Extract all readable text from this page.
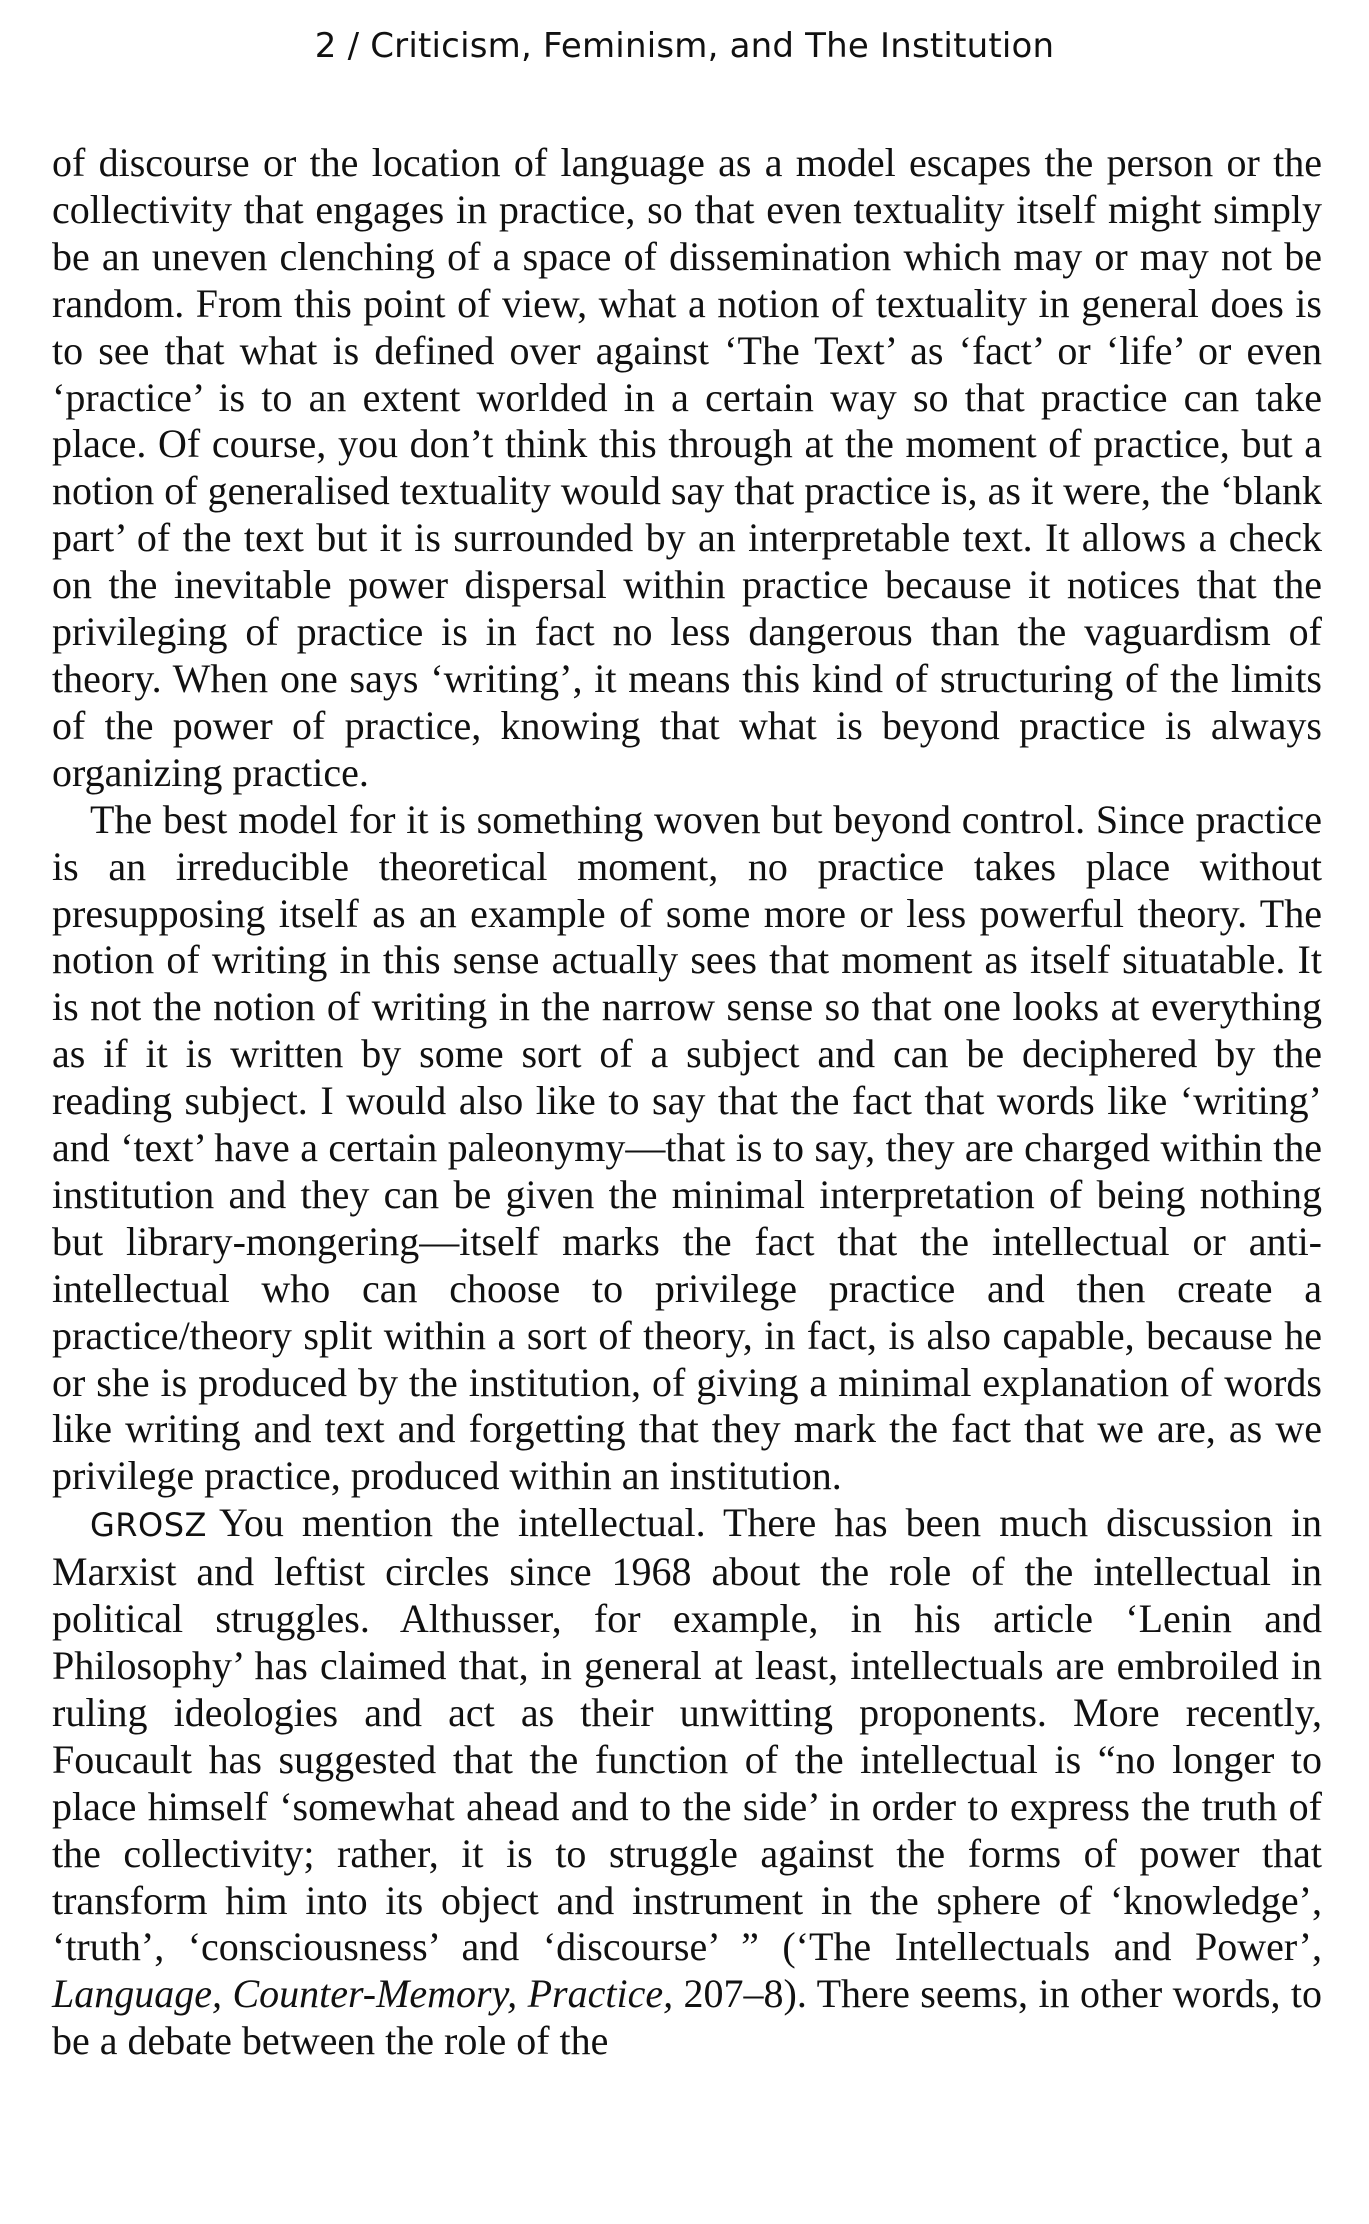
2 / Criticism, Feminism, and The Institution

of discourse or the location of language as a model escapes the person or the collectivity that engages in practice, so that even textuality itself might simply be an uneven clenching of a space of dissemination which may or may not be random. From this point of view, what a notion of textuality in general does is to see that what is defined over against ‘The Text’ as ‘fact’ or ‘life’ or even ‘practice’ is to an extent worlded in a certain way so that practice can take place. Of course, you don’t think this through at the moment of practice, but a notion of generalised textuality would say that practice is, as it were, the ‘blank part’ of the text but it is surrounded by an interpretable text. It allows a check on the inevitable power dispersal within practice because it notices that the privileging of practice is in fact no less dangerous than the vaguardism of theory. When one says ‘writing’, it means this kind of structuring of the limits of the power of practice, knowing that what is beyond practice is always organizing practice.

The best model for it is something woven but beyond control. Since practice is an irreducible theoretical moment, no practice takes place without presupposing itself as an example of some more or less powerful theory. The notion of writing in this sense actually sees that moment as itself situatable. It is not the notion of writing in the narrow sense so that one looks at everything as if it is written by some sort of a subject and can be deciphered by the reading subject. I would also like to say that the fact that words like ‘writing’ and ‘text’ have a certain paleonymy—that is to say, they are charged within the institution and they can be given the minimal interpretation of being nothing but library-mongering—itself marks the fact that the intellectual or anti-intellectual who can choose to privilege practice and then create a practice/theory split within a sort of theory, in fact, is also capable, because he or she is produced by the institution, of giving a minimal explanation of words like writing and text and forgetting that they mark the fact that we are, as we privilege practice, produced within an institution.

GROSZ You mention the intellectual. There has been much discussion in Marxist and leftist circles since 1968 about the role of the intellectual in political struggles. Althusser, for example, in his article ‘Lenin and Philosophy’ has claimed that, in general at least, intellectuals are embroiled in ruling ideologies and act as their unwitting proponents. More recently, Foucault has suggested that the function of the intellectual is “no longer to place himself ‘somewhat ahead and to the side’ in order to express the truth of the collectivity; rather, it is to struggle against the forms of power that transform him into its object and instrument in the sphere of ‘knowledge’, ‘truth’, ‘consciousness’ and ‘discourse’ ” (‘The Intellectuals and Power’, Language, Counter-Memory, Practice, 207–8). There seems, in other words, to be a debate between the role of the
